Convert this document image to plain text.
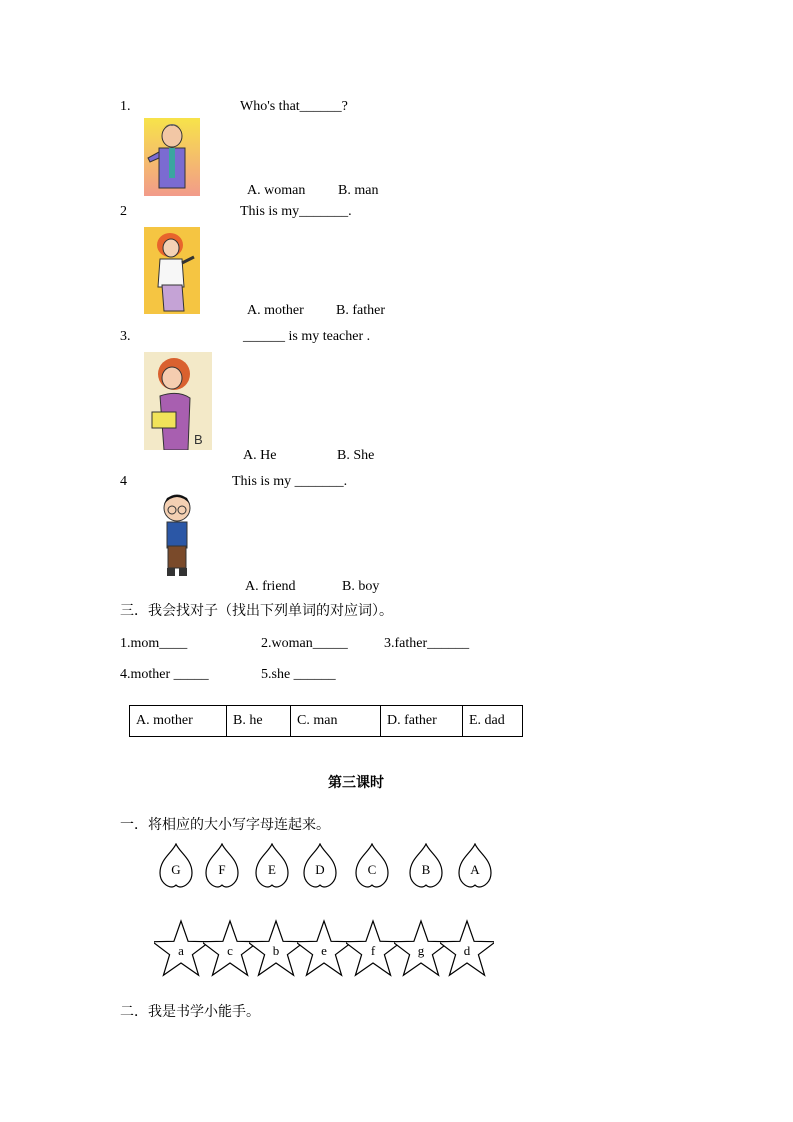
1.	Who's that______?
A. woman B. man
2	This is my_______.
A. mother B. father
3.	______ is my teacher .
B
A. He	B. She
4	This is my _______.
A. friend	B. boy
三．我会找对子（找出下列单词的对应词）。
1.mom____	2.woman_____	3.father______
4.mother _____	5.she ______
A. mother	B. he	C. man	D. father	E. dad
第三课时
一．将相应的大小写字母连起来。
G	F	E	D	C	B	A
a	c	b	e	f	g	d
二．我是书学小能手。
